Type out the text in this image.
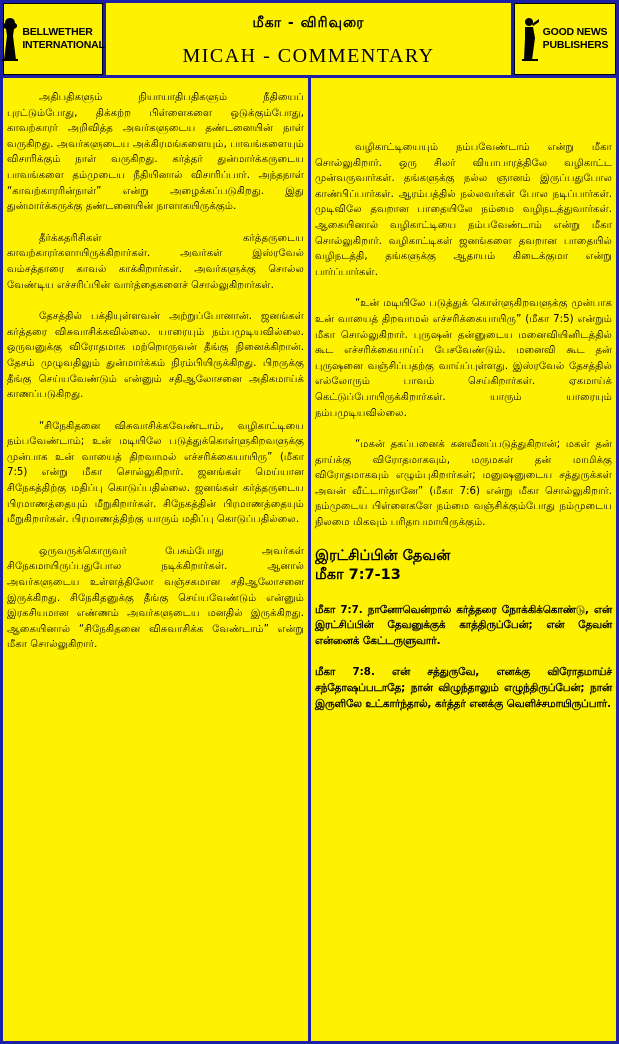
BELLWETHER
INTERNATIONAL
மீகா - விரிவுரை
MICAH - COMMENTARY
GOOD NEWS
PUBLISHERS

அதிபதிகளும் நியாயாதிபதிகளும் நீதியைப் புரட்டும்போது, திக்கற்ற பிள்ளைகளை ஒடுக்கும்போது, காவற்காரர் அறிவித்த அவர்களுடைய தண்டனையின் நாள் வருகிறது. அவர்களுடைய அக்கிரமங்களையும், பாவங்களையும் விசாரிக்கும் நாள் வருகிறது. கர்த்தர் துன்மார்க்கருடைய பாவங்களை தம்முடைய நீதியினால் விசாரிப்பார். அந்தநாள் “காவற்காரரின்நாள்” என்று அழைக்கப்படுகிறது. இது துன்மார்க்கருக்கு தண்டனையின் நாளாகயிருக்கும்.

தீர்க்கதரிசிகள் கர்த்தருடைய காவற்காரர்களாயிருக்கிறார்கள். அவர்கள் இஸ்ரவேல் வம்சத்தாரை காவல் காக்கிறார்கள். அவர்களுக்கு சொல்ல வேண்டிய எச்சரிப்பின் வார்த்தைகளைச் சொல்லுகிறார்கள்.

தேசத்தில் பக்தியுள்ளவன் அற்றுப்போனான். ஜனங்கள் கர்த்தரை விசுவாசிக்கவில்லை. யாரையும் நம்பமுடியவில்லை. ஒருவனுக்கு விரோதமாக மற்றொருவன் தீங்கு நினைக்கிறான். தேசம் முழுவதிலும் துன்மார்க்கம் நிரம்பியிருக்கிறது. பிறருக்கு தீங்கு செய்யவேண்டும் என்னும் சதிஆலோசனை அதிகமாய்க் காணப்படுகிறது.

“சிநேகிதனை விசுவாசிக்கவேண்டாம், வழிகாட்டியை நம்பவேண்டாம்; உன் மடியிலே படுத்துக்கொள்ளுகிறவளுக்கு முன்பாக உன் வாயைத் திறவாமல் எச்சரிக்கையாயிரு” (மீகா 7:5) என்று மீகா சொல்லுகிறார். ஜனங்கள் மெய்யான சிநேகத்திற்கு மதிப்பு கொடுப்பதில்லை. ஜனங்கள் கர்த்தருடைய பிரமாணத்தையும் மீறுகிறார்கள். சிநேகத்தின் பிரமாணத்தையும் மீறுகிறார்கள். பிரமாணத்திற்கு யாரும் மதிப்பு கொடுப்பதில்லை.

ஒருவருக்கொருவர் பேசும்போது அவர்கள் சிநேகமாயிருப்பதுபோல நடிக்கிறார்கள். ஆனால் அவர்களுடைய உள்ளத்திலோ வஞ்சகமான சதிஆலோசனை இருக்கிறது. சிநேகிதனுக்கு தீங்கு செய்யவேண்டும் என்னும் இரகசியமான எண்ணம் அவர்களுடைய மனதில் இருக்கிறது. ஆகையினால் “சிநேகிதனை விசுவாசிக்க வேண்டாம்” என்று மீகா சொல்லுகிறார்.

வழிகாட்டியையும் நம்பவேண்டாம் என்று மீகா சொல்லுகிறார். ஒரு சிலர் வியாபாரத்திலே வழிகாட்ட முன்வருவார்கள். தங்களுக்கு நல்ல ஞானம் இருப்பதுபோல காண்பிப்பார்கள். ஆரம்பத்தில் நல்லவர்கள் போல நடிப்பார்கள். முடிவிலே தவறான பாதையிலே நம்மை வழிநடத்துவார்கள். ஆகையினால் வழிகாட்டியை நம்பவேண்டாம் என்று மீகா சொல்லுகிறார். வழிகாட்டிகள் ஜனங்களை தவறான பாதையில் வழிநடத்தி, தங்களுக்கு ஆதாயம் கிடைக்குமா என்று பார்ப்பார்கள்.

“உன் மடியிலே படுத்துக் கொள்ளுகிறவளுக்கு முன்பாக உன் வாயைத் திறவாமல் எச்சரிக்கையாயிரு” (மீகா 7:5) என்றும் மீகா சொல்லுகிறார். புருஷன் தன்னுடைய மனைவியினிடத்தில் கூட எச்சரிக்கையாய்ப் பேசவேண்டும். மனைவி கூட தன் புருஷனை வஞ்சிப்பதற்கு வாய்ப்புள்ளது. இஸ்ரவேல் தேசத்தில் எல்லோரும் பாவம் செய்கிறார்கள். ஏகமாய்க் கெட்டுப்போயிருக்கிறார்கள். யாரும் யாரையும் நம்பமுடியவில்லை.

“மகன் தகப்பனைக் கனவீனப்படுத்துகிறான்; மகள் தன் தாய்க்கு விரோதமாகவும், மருமகள் தன் மாமிக்கு விரோதமாகவும் எழும்புகிறார்கள்; மனுஷனுடைய சத்துருக்கள் அவன் வீட்டார்தானே” (மீகா 7:6) என்று மீகா சொல்லுகிறார். நம்முடைய பிள்ளைகளே நம்மை வஞ்சிக்கும்போது நம்முடைய நிலமை மிகவும் பரிதாபமாயிருக்கும்.

இரட்சிப்பின் தேவன்
மீகா 7:7-13

மீகா 7:7. நானோவென்றால் கர்த்தரை நோக்கிக்கொண்டு, என் இரட்சிப்பின் தேவனுக்குக் காத்திருப்பேன்; என் தேவன் என்னைக் கேட்டருளுவார்.

மீகா 7:8. என் சத்துருவே, எனக்கு விரோதமாய்ச் சந்தோஷப்படாதே; நான் விழுந்தாலும் எழுந்திருப்பேன்; நான் இருளிலே உட்கார்ந்தால், கர்த்தர் எனக்கு வெளிச்சமாயிருப்பார்.
